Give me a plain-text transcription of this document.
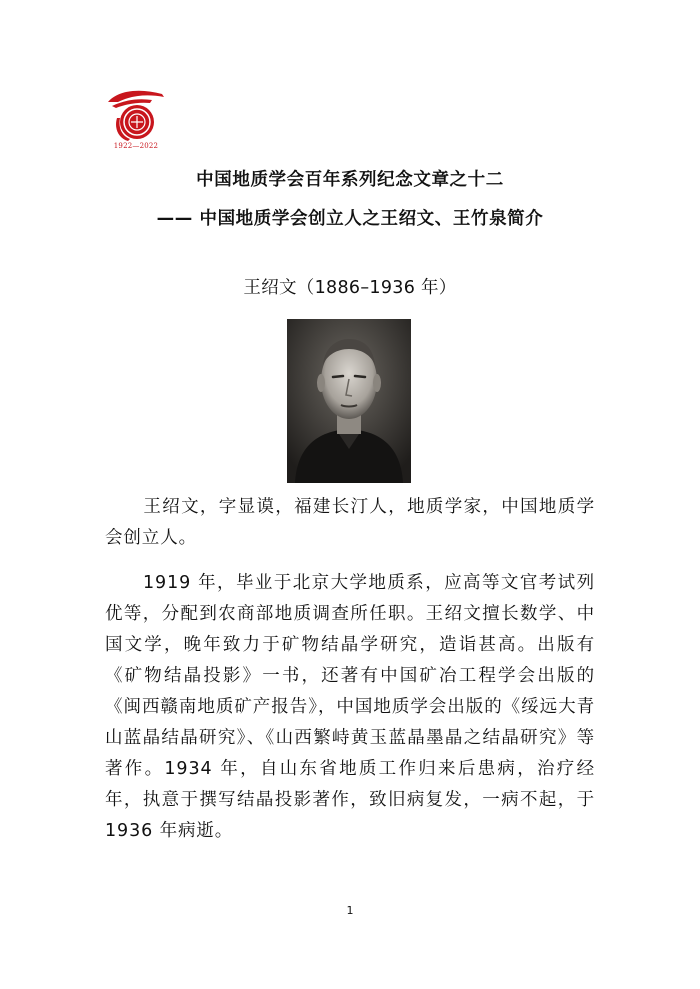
1922—2022
中国地质学会百年系列纪念文章之十二
—— 中国地质学会创立人之王绍文、王竹泉简介
王绍文（1886–1936 年）
王绍文，字显谟，福建长汀人，地质学家，中国地质学会创立人。
1919 年，毕业于北京大学地质系，应高等文官考试列优等，分配到农商部地质调查所任职。王绍文擅长数学、中国文学，晚年致力于矿物结晶学研究，造诣甚高。出版有《矿物结晶投影》一书，还著有中国矿冶工程学会出版的《闽西赣南地质矿产报告》，中国地质学会出版的《绥远大青山蓝晶结晶研究》、《山西繁峙黄玉蓝晶墨晶之结晶研究》等著作。1934 年，自山东省地质工作归来后患病，治疗经年，执意于撰写结晶投影著作，致旧病复发，一病不起，于 1936 年病逝。
1
